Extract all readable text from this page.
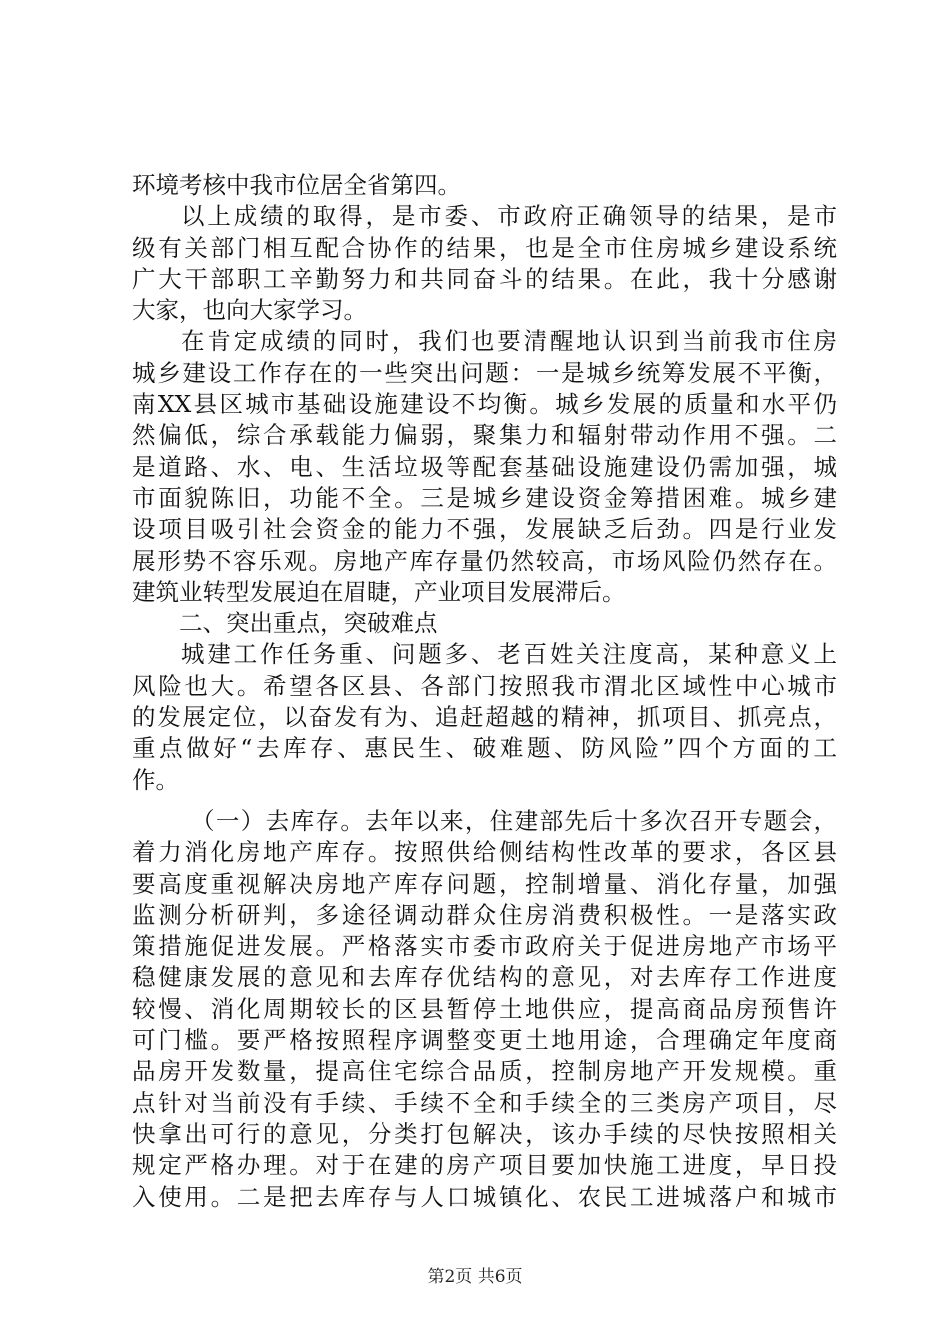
环境考核中我市位居全省第四。
以上成绩的取得，是市委、市政府正确领导的结果，是市
级有关部门相互配合协作的结果，也是全市住房城乡建设系统
广大干部职工辛勤努力和共同奋斗的结果。在此，我十分感谢
大家，也向大家学习。
在肯定成绩的同时，我们也要清醒地认识到当前我市住房
城乡建设工作存在的一些突出问题：一是城乡统筹发展不平衡，
南XX县区城市基础设施建设不均衡。城乡发展的质量和水平仍
然偏低，综合承载能力偏弱，聚集力和辐射带动作用不强。二
是道路、水、电、生活垃圾等配套基础设施建设仍需加强，城
市面貌陈旧，功能不全。三是城乡建设资金筹措困难。城乡建
设项目吸引社会资金的能力不强，发展缺乏后劲。四是行业发
展形势不容乐观。房地产库存量仍然较高，市场风险仍然存在。
建筑业转型发展迫在眉睫，产业项目发展滞后。
二、突出重点，突破难点
城建工作任务重、问题多、老百姓关注度高，某种意义上
风险也大。希望各区县、各部门按照我市渭北区域性中心城市
的发展定位，以奋发有为、追赶超越的精神，抓项目、抓亮点，
重点做好“去库存、惠民生、破难题、防风险”四个方面的工
作。
（一）去库存。去年以来，住建部先后十多次召开专题会，
着力消化房地产库存。按照供给侧结构性改革的要求，各区县
要高度重视解决房地产库存问题，控制增量、消化存量，加强
监测分析研判，多途径调动群众住房消费积极性。一是落实政
策措施促进发展。严格落实市委市政府关于促进房地产市场平
稳健康发展的意见和去库存优结构的意见，对去库存工作进度
较慢、消化周期较长的区县暂停土地供应，提高商品房预售许
可门槛。要严格按照程序调整变更土地用途，合理确定年度商
品房开发数量，提高住宅综合品质，控制房地产开发规模。重
点针对当前没有手续、手续不全和手续全的三类房产项目，尽
快拿出可行的意见，分类打包解决，该办手续的尽快按照相关
规定严格办理。对于在建的房产项目要加快施工进度，早日投
入使用。二是把去库存与人口城镇化、农民工进城落户和城市
第2页 共6页
